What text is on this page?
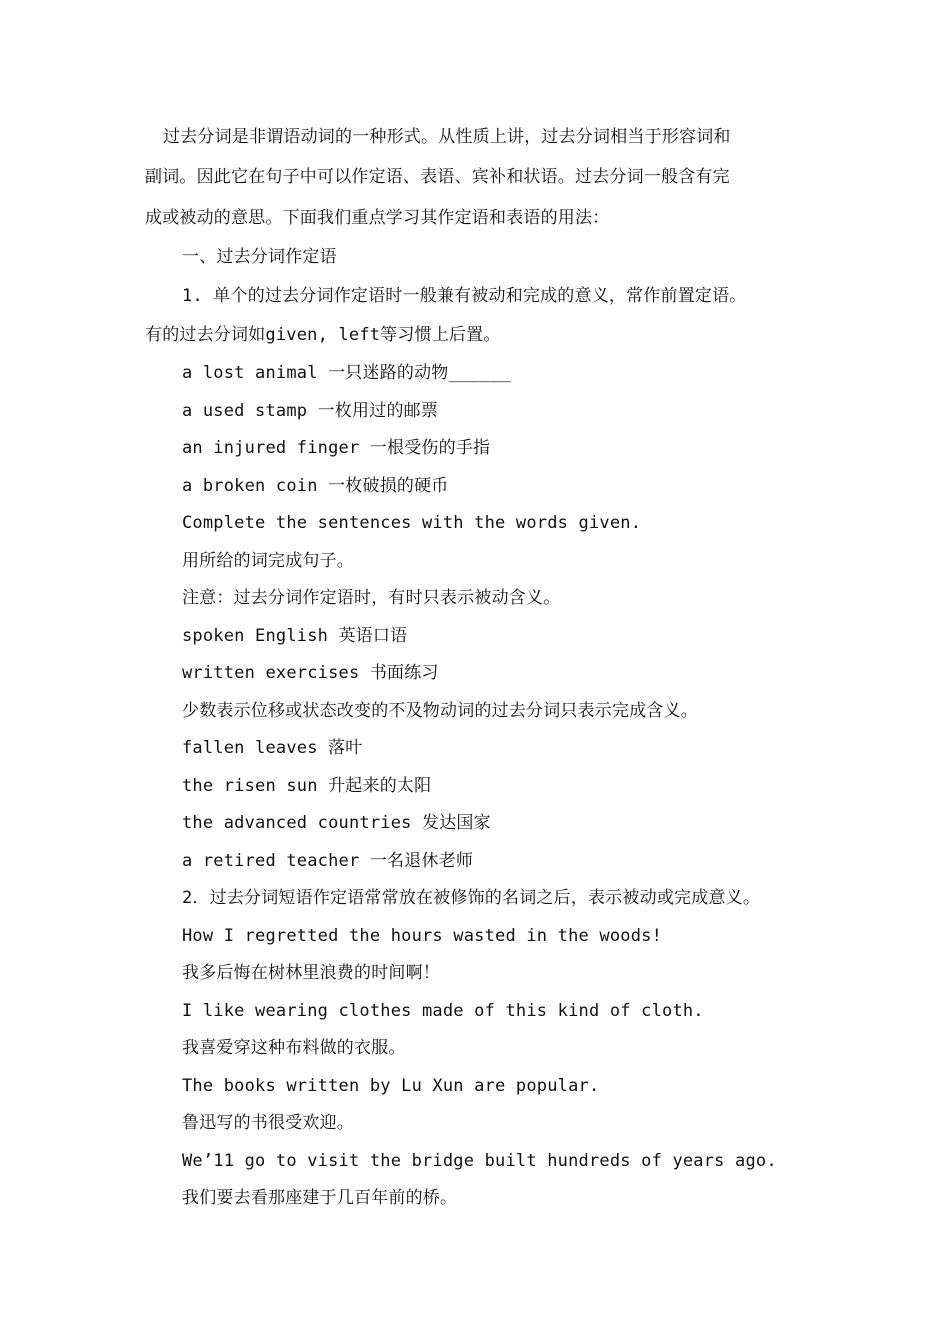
过去分词是非谓语动词的一种形式。从性质上讲，过去分词相当于形容词和
副词。因此它在句子中可以作定语、表语、宾补和状语。过去分词一般含有完
成或被动的意思。下面我们重点学习其作定语和表语的用法：
一、过去分词作定语
1. 单个的过去分词作定语时一般兼有被动和完成的意义，常作前置定语。
有的过去分词如given, left等习惯上后置。
a lost animal 一只迷路的动物______
a used stamp 一枚用过的邮票
an injured finger 一根受伤的手指
a broken coin 一枚破损的硬币
Complete the sentences with the words given.
用所给的词完成句子。
注意：过去分词作定语时，有时只表示被动含义。
spoken English 英语口语
written exercises 书面练习
少数表示位移或状态改变的不及物动词的过去分词只表示完成含义。
fallen leaves 落叶
the risen sun 升起来的太阳
the advanced countries 发达国家
a retired teacher 一名退休老师
2．过去分词短语作定语常常放在被修饰的名词之后，表示被动或完成意义。
How I regretted the hours wasted in the woods!
我多后悔在树林里浪费的时间啊！
I like wearing clothes made of this kind of cloth.
我喜爱穿这种布料做的衣服。
The books written by Lu Xun are popular.
鲁迅写的书很受欢迎。
We’11 go to visit the bridge built hundreds of years ago.
我们要去看那座建于几百年前的桥。
